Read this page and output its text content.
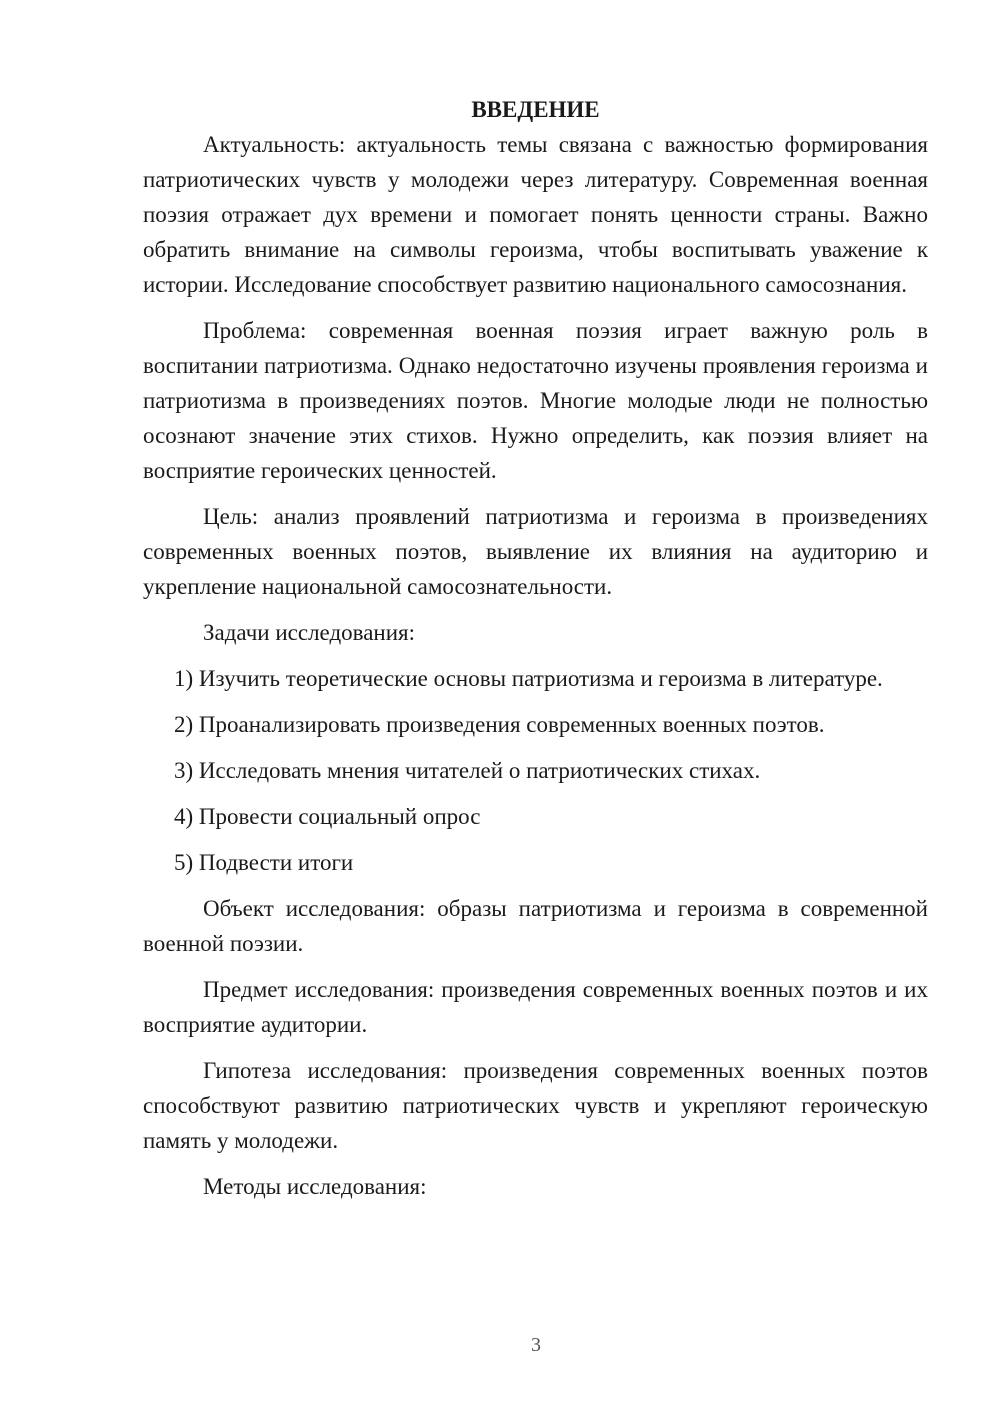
ВВЕДЕНИЕ

Актуальность: актуальность темы связана с важностью формирования патриотических чувств у молодежи через литературу. Современная военная поэзия отражает дух времени и помогает понять ценности страны. Важно обратить внимание на символы героизма, чтобы воспитывать уважение к истории. Исследование способствует развитию национального самосознания.

Проблема: современная военная поэзия играет важную роль в воспитании патриотизма. Однако недостаточно изучены проявления героизма и патриотизма в произведениях поэтов. Многие молодые люди не полностью осознают значение этих стихов. Нужно определить, как поэзия влияет на восприятие героических ценностей.

Цель: анализ проявлений патриотизма и героизма в произведениях современных военных поэтов, выявление их влияния на аудиторию и укрепление национальной самосознательности.

Задачи исследования:

1) Изучить теоретические основы патриотизма и героизма в литературе.

2) Проанализировать произведения современных военных поэтов.

3) Исследовать мнения читателей о патриотических стихах.

4) Провести социальный опрос

5) Подвести итоги

Объект исследования: образы патриотизма и героизма в современной военной поэзии.

Предмет исследования: произведения современных военных поэтов и их восприятие аудитории.

Гипотеза исследования: произведения современных военных поэтов способствуют развитию патриотических чувств и укрепляют героическую память у молодежи.

Методы исследования:

3
